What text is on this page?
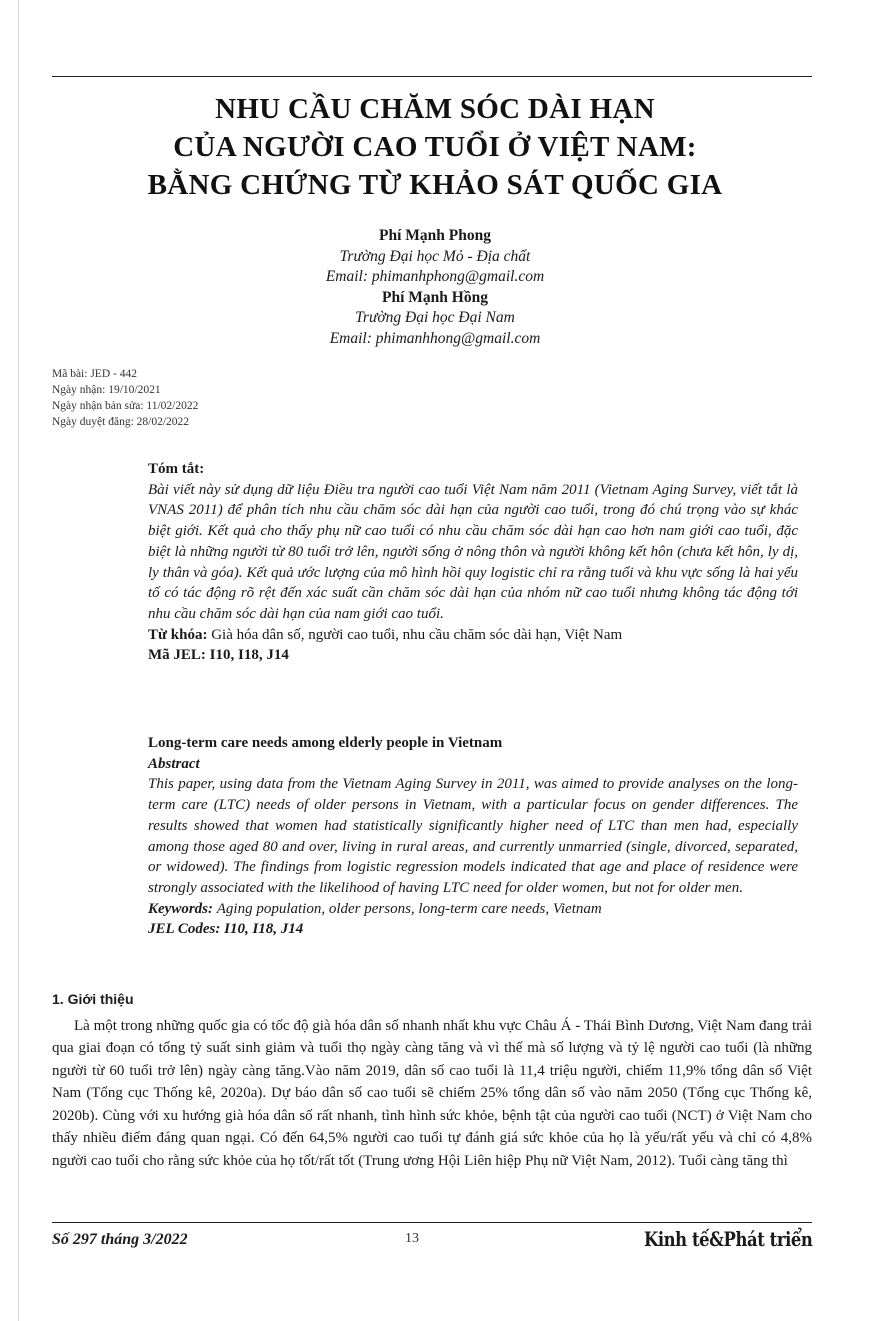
NHU CẦU CHĂM SÓC DÀI HẠN
CỦA NGƯỜI CAO TUỔI Ở VIỆT NAM:
BẰNG CHỨNG TỪ KHẢO SÁT QUỐC GIA
Phí Mạnh Phong
Trường Đại học Mỏ - Địa chất
Email: phimanhphong@gmail.com
Phí Mạnh Hồng
Trường Đại học Đại Nam
Email: phimanhhong@gmail.com
Mã bài: JED - 442
Ngày nhận: 19/10/2021
Ngày nhận bản sửa: 11/02/2022
Ngày duyệt đăng: 28/02/2022
Tóm tắt:
Bài viết này sử dụng dữ liệu Điều tra người cao tuổi Việt Nam năm 2011 (Vietnam Aging Survey, viết tắt là VNAS 2011) để phân tích nhu cầu chăm sóc dài hạn của người cao tuổi, trong đó chú trọng vào sự khác biệt giới. Kết quả cho thấy phụ nữ cao tuổi có nhu cầu chăm sóc dài hạn cao hơn nam giới cao tuổi, đặc biệt là những người từ 80 tuổi trở lên, người sống ở nông thôn và người không kết hôn (chưa kết hôn, ly dị, ly thân và góa). Kết quả ước lượng của mô hình hồi quy logistic chỉ ra rằng tuổi và khu vực sống là hai yếu tố có tác động rõ rệt đến xác suất cần chăm sóc dài hạn của nhóm nữ cao tuổi nhưng không tác động tới nhu cầu chăm sóc dài hạn của nam giới cao tuổi.
Từ khóa: Già hóa dân số, người cao tuổi, nhu cầu chăm sóc dài hạn, Việt Nam
Mã JEL: I10, I18, J14
Long-term care needs among elderly people in Vietnam
Abstract
This paper, using data from the Vietnam Aging Survey in 2011, was aimed to provide analyses on the long-term care (LTC) needs of older persons in Vietnam, with a particular focus on gender differences. The results showed that women had statistically significantly higher need of LTC than men had, especially among those aged 80 and over, living in rural areas, and currently unmarried (single, divorced, separated, or widowed). The findings from logistic regression models indicated that age and place of residence were strongly associated with the likelihood of having LTC need for older women, but not for older men.
Keywords: Aging population, older persons, long-term care needs, Vietnam
JEL Codes: I10, I18, J14
1. Giới thiệu
Là một trong những quốc gia có tốc độ già hóa dân số nhanh nhất khu vực Châu Á - Thái Bình Dương, Việt Nam đang trải qua giai đoạn có tổng tỷ suất sinh giảm và tuổi thọ ngày càng tăng và vì thế mà số lượng và tỷ lệ người cao tuổi (là những người từ 60 tuổi trở lên) ngày càng tăng.Vào năm 2019, dân số cao tuổi là 11,4 triệu người, chiếm 11,9% tổng dân số Việt Nam (Tổng cục Thống kê, 2020a). Dự báo dân số cao tuổi sẽ chiếm 25% tổng dân số vào năm 2050 (Tổng cục Thống kê, 2020b). Cùng với xu hướng già hóa dân số rất nhanh, tình hình sức khỏe, bệnh tật của người cao tuổi (NCT) ở Việt Nam cho thấy nhiều điểm đáng quan ngại. Có đến 64,5% người cao tuổi tự đánh giá sức khỏe của họ là yếu/rất yếu và chỉ có 4,8% người cao tuổi cho rằng sức khỏe của họ tốt/rất tốt (Trung ương Hội Liên hiệp Phụ nữ Việt Nam, 2012). Tuổi càng tăng thì
Số 297 tháng 3/2022	13	Kinh tế&Phát triển
